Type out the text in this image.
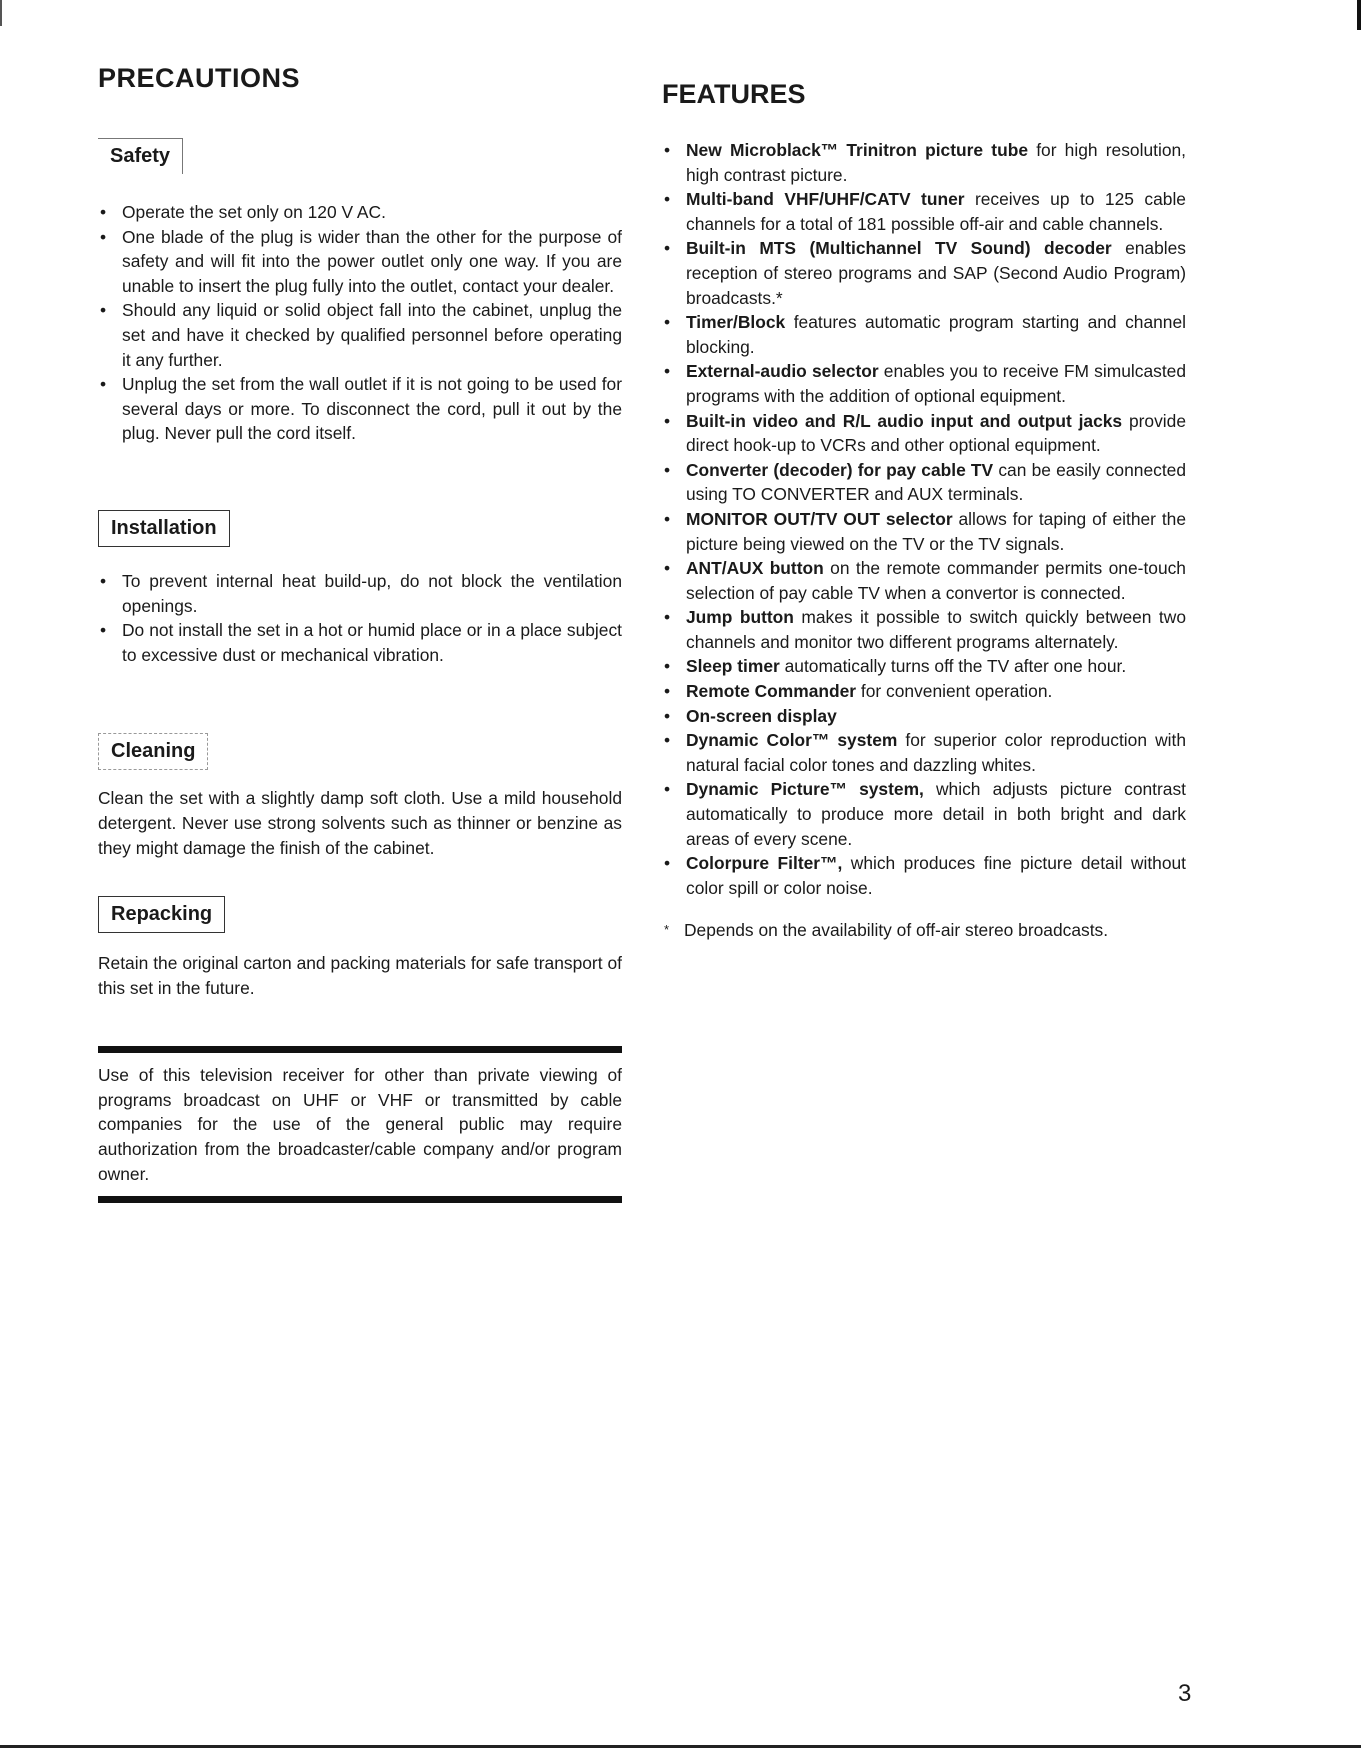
PRECAUTIONS
Safety
• Operate the set only on 120 V AC.
• One blade of the plug is wider than the other for the purpose of safety and will fit into the power outlet only one way. If you are unable to insert the plug fully into the outlet, contact your dealer.
• Should any liquid or solid object fall into the cabinet, unplug the set and have it checked by qualified personnel before operating it any further.
• Unplug the set from the wall outlet if it is not going to be used for several days or more. To disconnect the cord, pull it out by the plug. Never pull the cord itself.
Installation
• To prevent internal heat build-up, do not block the ventilation openings.
• Do not install the set in a hot or humid place or in a place subject to excessive dust or mechanical vibration.
Cleaning

Clean the set with a slightly damp soft cloth. Use a mild household detergent. Never use strong solvents such as thinner or benzine as they might damage the finish of the cabinet.

Repacking

Retain the original carton and packing materials for safe transport of this set in the future.

Use of this television receiver for other than private viewing of programs broadcast on UHF or VHF or transmitted by cable companies for the use of the general public may require authorization from the broadcaster/cable company and/or program owner.
FEATURES
• New Microblack™ Trinitron picture tube for high resolution, high contrast picture.
• Multi-band VHF/UHF/CATV tuner receives up to 125 cable channels for a total of 181 possible off-air and cable channels.
• Built-in MTS (Multichannel TV Sound) decoder enables reception of stereo programs and SAP (Second Audio Program) broadcasts.*
• Timer/Block features automatic program starting and channel blocking.
• External-audio selector enables you to receive FM simulcasted programs with the addition of optional equipment.
• Built-in video and R/L audio input and output jacks provide direct hook-up to VCRs and other optional equipment.
• Converter (decoder) for pay cable TV can be easily connected using TO CONVERTER and AUX terminals.
• MONITOR OUT/TV OUT selector allows for taping of either the picture being viewed on the TV or the TV signals.
• ANT/AUX button on the remote commander permits one-touch selection of pay cable TV when a convertor is connected.
• Jump button makes it possible to switch quickly between two channels and monitor two different programs alternately.
• Sleep timer automatically turns off the TV after one hour.
• Remote Commander for convenient operation.
• On-screen display
• Dynamic Color™ system for superior color reproduction with natural facial color tones and dazzling whites.
• Dynamic Picture™ system, which adjusts picture contrast automatically to produce more detail in both bright and dark areas of every scene.
• Colorpure Filter™, which produces fine picture detail without color spill or color noise.
* Depends on the availability of off-air stereo broadcasts.
3
